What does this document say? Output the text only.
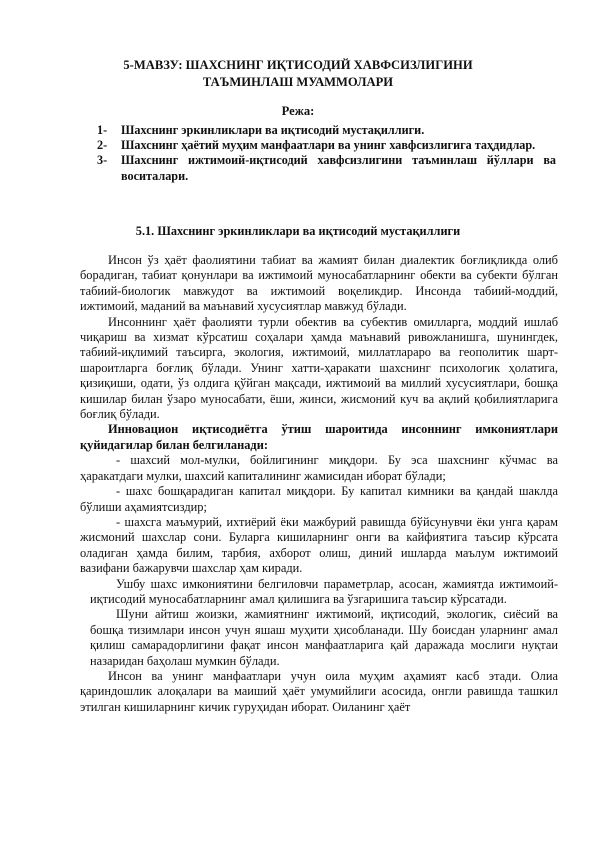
5-МАВЗУ: ШАХСНИНГ ИҚТИСОДИЙ ХАВФСИЗЛИГИНИ
ТАЪМИНЛАШ МУАММОЛАРИ
Режа:
1-	Шахснинг эркинликлари ва иқтисодий мустақиллиги.
2-	Шахснинг ҳаётий муҳим манфаатлари ва унинг хавфсизлигига таҳдидлар.
3-	Шахснинг ижтимоий-иқтисодий хавфсизлигини таъминлаш йўллари ва воситалари.
5.1. Шахснинг эркинликлари ва иқтисодий мустақиллиги

Инсон ўз ҳаёт фаолиятини табиат ва жамият билан диалектик боғлиқликда олиб борадиган, табиат қонунлари ва ижтимоий муносабатларнинг обекти ва субекти бўлган табиий-биологик мавжудот ва ижтимоий воқеликдир. Инсонда табиий-моддий, ижтимоий, маданий ва маънавий хусусиятлар мавжуд бўлади.

Инсоннинг ҳаёт фаолияти турли обектив ва субектив омилларга, моддий ишлаб чиқариш ва хизмат кўрсатиш соҳалари ҳамда маънавий ривожланишга, шунингдек, табиий-иқлимий таъсирга, экология, ижтимоий, миллатлараро ва геополитик шарт-шароитларга боғлиқ бўлади. Унинг хатти-ҳаракати шахснинг психологик ҳолатига, қизиқиши, одати, ўз олдига қўйган мақсади, ижтимоий ва миллий хусусиятлари, бошқа кишилар билан ўзаро муносабати, ёши, жинси, жисмоний куч ва ақлий қобилиятларига боғлиқ бўлади.

Инновацион иқтисодиётга ўтиш шароитида инсоннинг имкониятлари қуйидагилар билан белгиланади:

- шахсий мол-мулки, бойлигининг миқдори. Бу эса шахснинг кўчмас ва ҳаракатдаги мулки, шахсий капиталининг жамисидан иборат бўлади;

- шахс бошқарадиган капитал миқдори. Бу капитал кимники ва қандай шаклда бўлиши аҳамиятсиздир;

- шахсга маъмурий, ихтиёрий ёки мажбурий равишда бўйсунувчи ёки унга қарам жисмоний шахслар сони. Буларга кишиларнинг онги ва кайфиятига таъсир кўрсата оладиган ҳамда билим, тарбия, ахборот олиш, диний ишларда маълум ижтимоий вазифани бажарувчи шахслар ҳам киради.

Ушбу шахс имкониятини белгиловчи параметрлар, асосан, жамиятда ижтимоий- иқтисодий муносабатларнинг амал қилишига ва ўзгаришига таъсир кўрсатади.

Шуни айтиш жоизки, жамиятнинг ижтимоий, иқтисодий, экологик, сиёсий ва бошқа тизимлари инсон учун яшаш муҳити ҳисобланади. Шу боисдан уларнинг амал қилиш самарадорлигини фақат инсон манфаатларига қай даражада мослиги нуқтаи назаридан баҳолаш мумкин бўлади.

Инсон ва унинг манфаатлари учун оила муҳим аҳамият касб этади. Олиа қариндошлик алоқалари ва маиший ҳаёт умумийлиги асосида, онгли равишда ташкил этилган кишиларнинг кичик гуруҳидан иборат. Оиланинг ҳаёт
